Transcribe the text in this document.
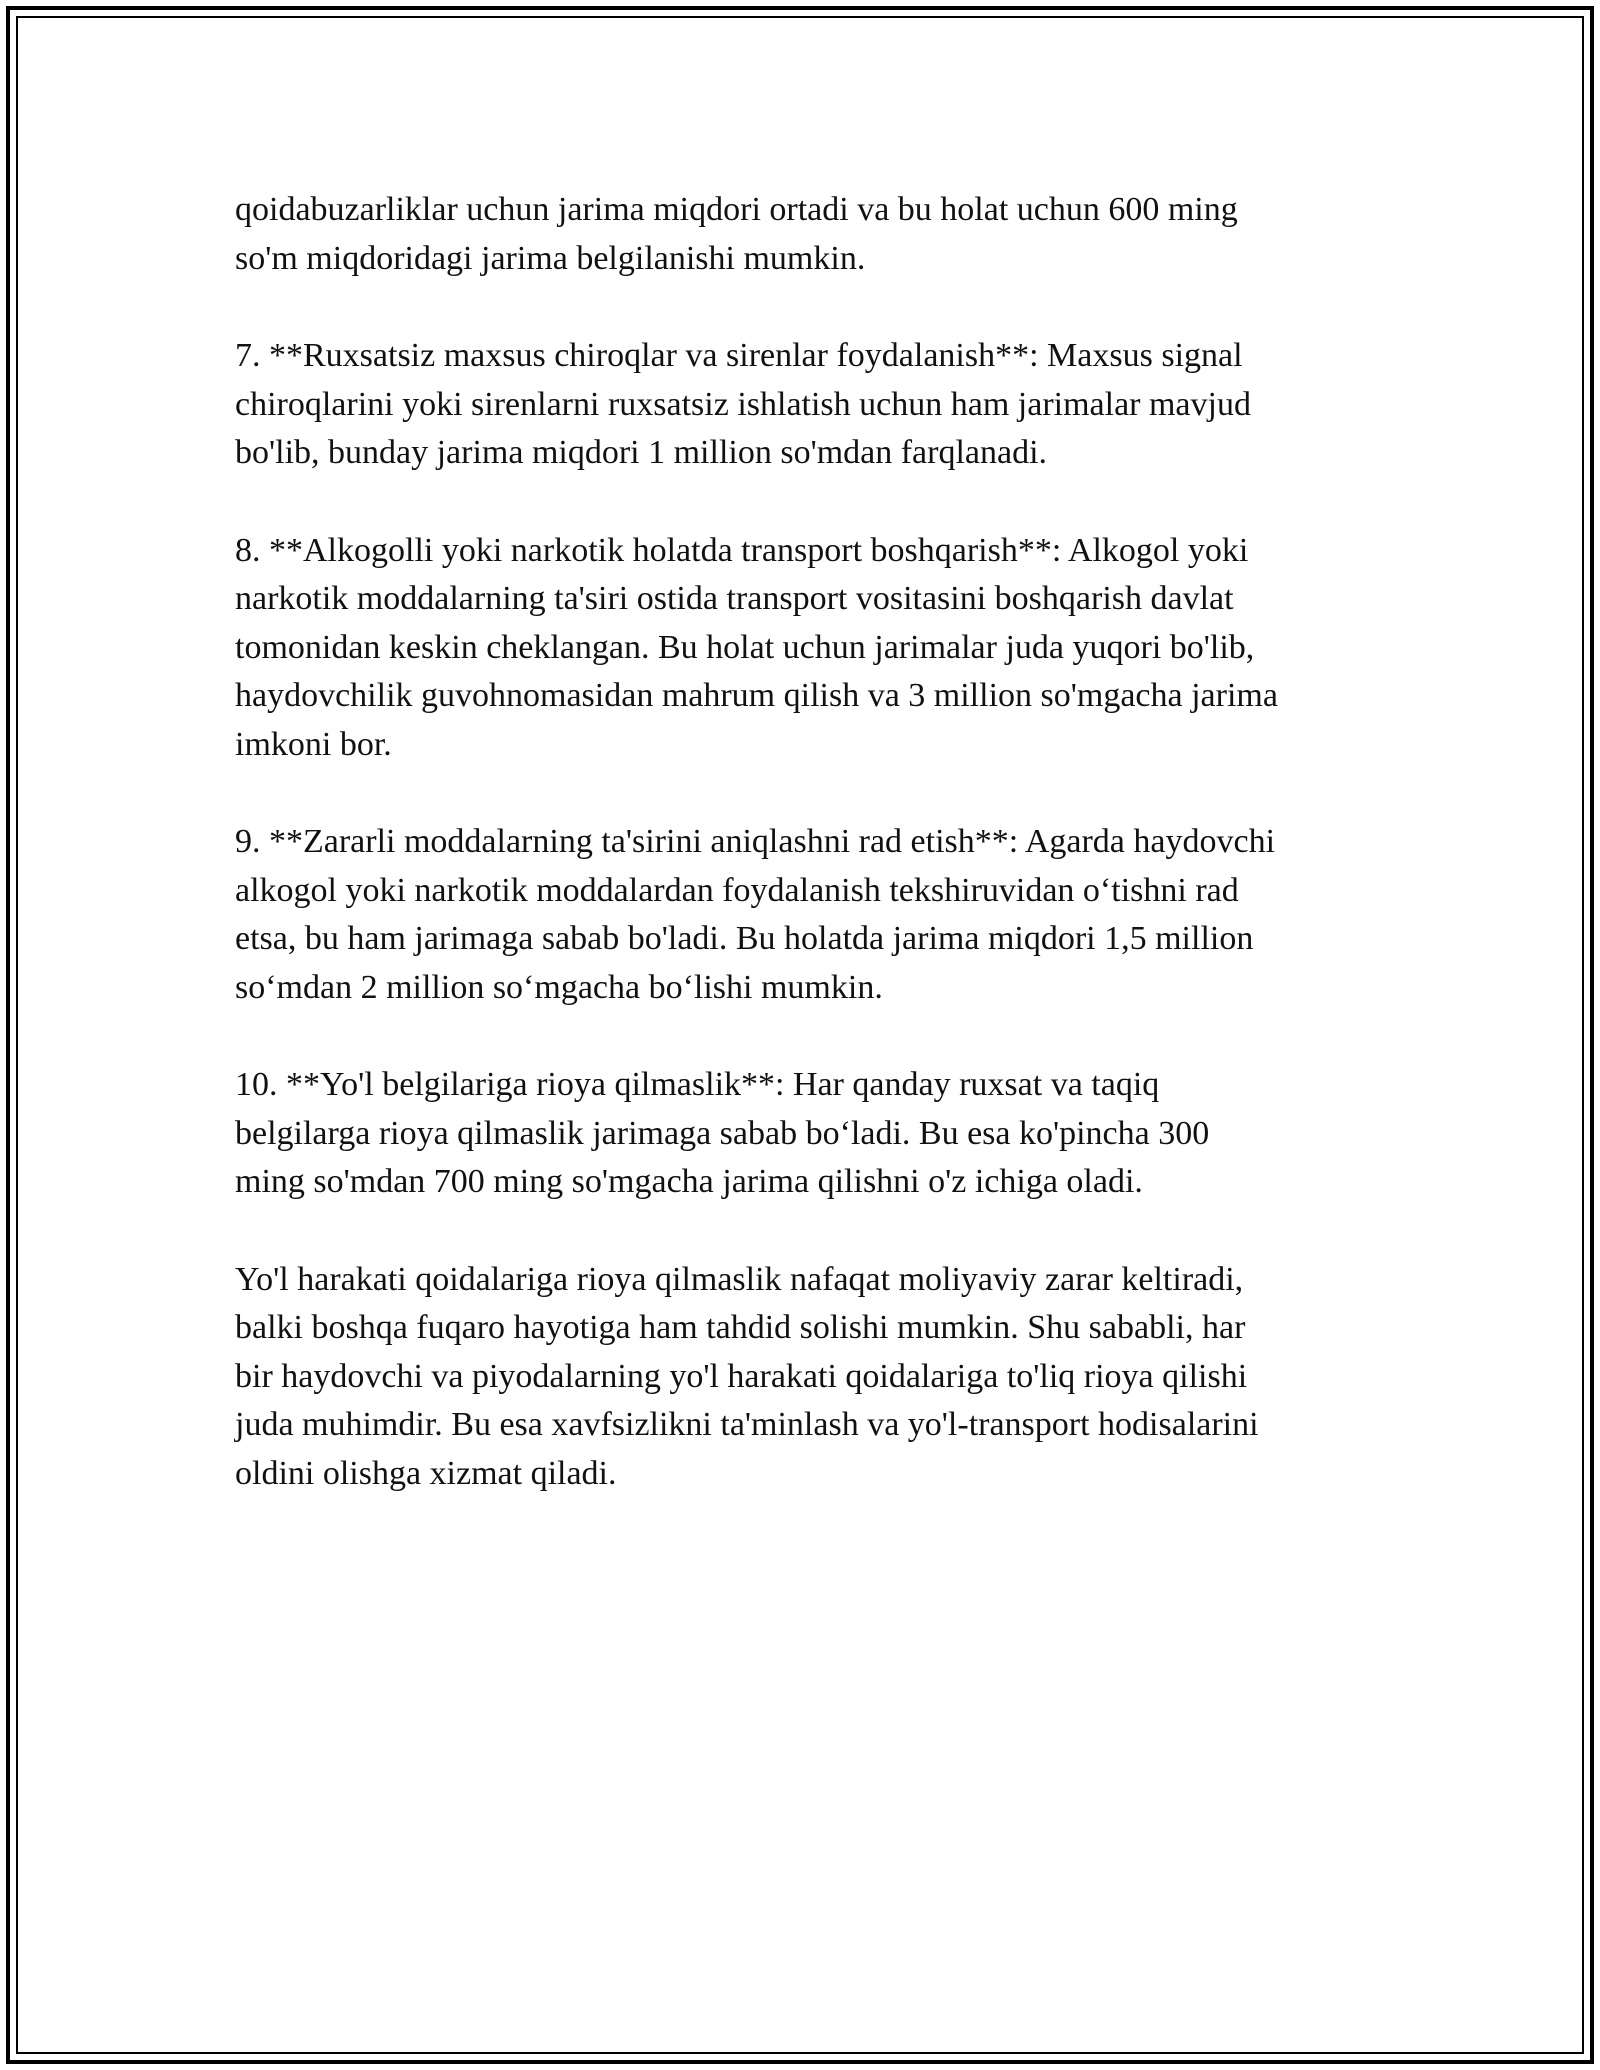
qoidabuzarliklar uchun jarima miqdori ortadi va bu holat uchun 600 ming
so'm miqdoridagi jarima belgilanishi mumkin.

7. **Ruxsatsiz maxsus chiroqlar va sirenlar foydalanish**: Maxsus signal
chiroqlarini yoki sirenlarni ruxsatsiz ishlatish uchun ham jarimalar mavjud
bo'lib, bunday jarima miqdori 1 million so'mdan farqlanadi.

8. **Alkogolli yoki narkotik holatda transport boshqarish**: Alkogol yoki
narkotik moddalarning ta'siri ostida transport vositasini boshqarish davlat
tomonidan keskin cheklangan. Bu holat uchun jarimalar juda yuqori bo'lib,
haydovchilik guvohnomasidan mahrum qilish va 3 million so'mgacha jarima
imkoni bor.

9. **Zararli moddalarning ta'sirini aniqlashni rad etish**: Agarda haydovchi
alkogol yoki narkotik moddalardan foydalanish tekshiruvidan o‘tishni rad
etsa, bu ham jarimaga sabab bo'ladi. Bu holatda jarima miqdori 1,5 million
so‘mdan 2 million so‘mgacha bo‘lishi mumkin.

10. **Yo'l belgilariga rioya qilmaslik**: Har qanday ruxsat va taqiq
belgilarga rioya qilmaslik jarimaga sabab bo‘ladi. Bu esa ko'pincha 300
ming so'mdan 700 ming so'mgacha jarima qilishni o'z ichiga oladi.

Yo'l harakati qoidalariga rioya qilmaslik nafaqat moliyaviy zarar keltiradi,
balki boshqa fuqaro hayotiga ham tahdid solishi mumkin. Shu sababli, har
bir haydovchi va piyodalarning yo'l harakati qoidalariga to'liq rioya qilishi
juda muhimdir. Bu esa xavfsizlikni ta'minlash va yo'l-transport hodisalarini
oldini olishga xizmat qiladi.
